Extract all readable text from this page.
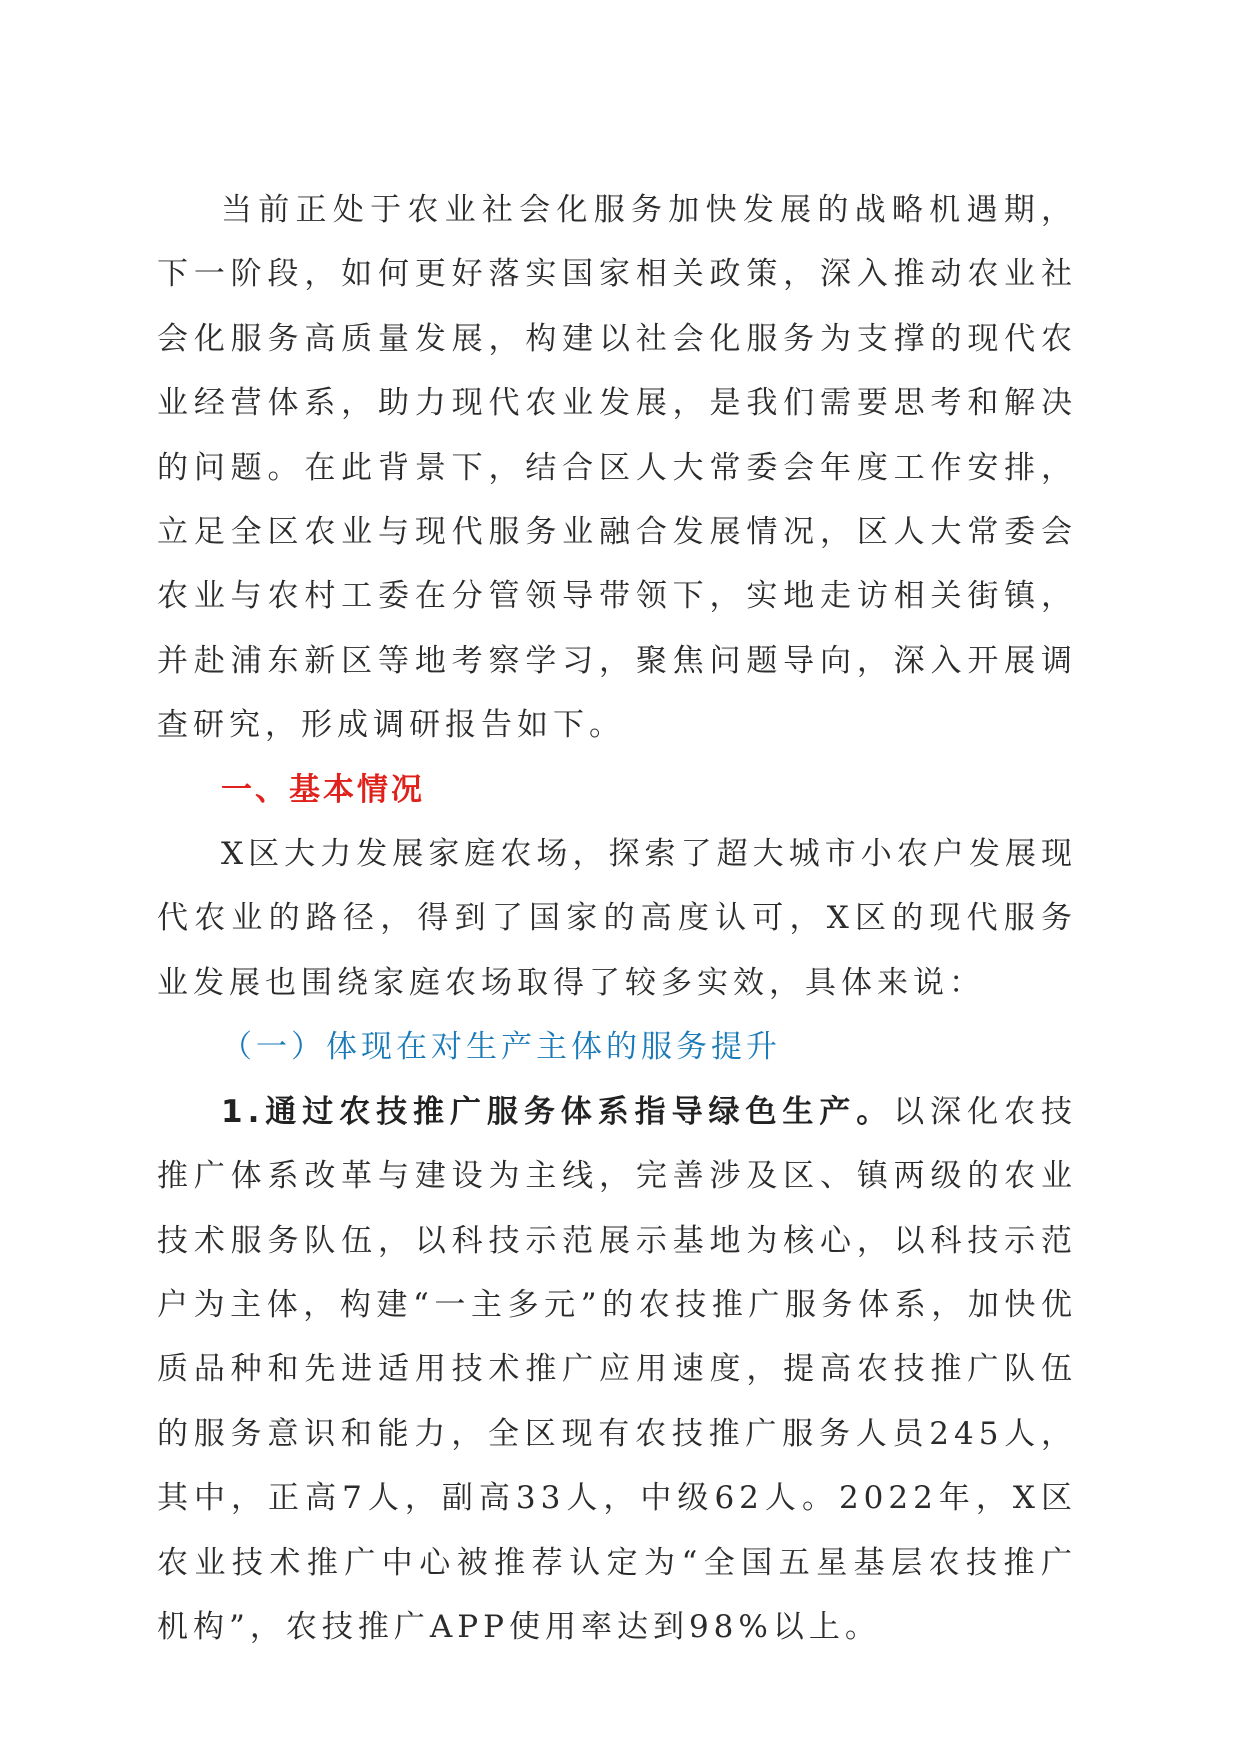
当前正处于农业社会化服务加快发展的战略机遇期，下一阶段，如何更好落实国家相关政策，深入推动农业社会化服务高质量发展，构建以社会化服务为支撑的现代农业经营体系，助力现代农业发展，是我们需要思考和解决的问题。在此背景下，结合区人大常委会年度工作安排，立足全区农业与现代服务业融合发展情况，区人大常委会农业与农村工委在分管领导带领下，实地走访相关街镇，并赴浦东新区等地考察学习，聚焦问题导向，深入开展调查研究，形成调研报告如下。

一、基本情况

X区大力发展家庭农场，探索了超大城市小农户发展现代农业的路径，得到了国家的高度认可，X区的现代服务业发展也围绕家庭农场取得了较多实效，具体来说：

（一）体现在对生产主体的服务提升

1.通过农技推广服务体系指导绿色生产。以深化农技推广体系改革与建设为主线，完善涉及区、镇两级的农业技术服务队伍，以科技示范展示基地为核心，以科技示范户为主体，构建“一主多元”的农技推广服务体系，加快优质品种和先进适用技术推广应用速度，提高农技推广队伍的服务意识和能力，全区现有农技推广服务人员245人，其中，正高7人，副高33人，中级62人。2022年，X区农业技术推广中心被推荐认定为“全国五星基层农技推广机构”，农技推广APP使用率达到98%以上。
